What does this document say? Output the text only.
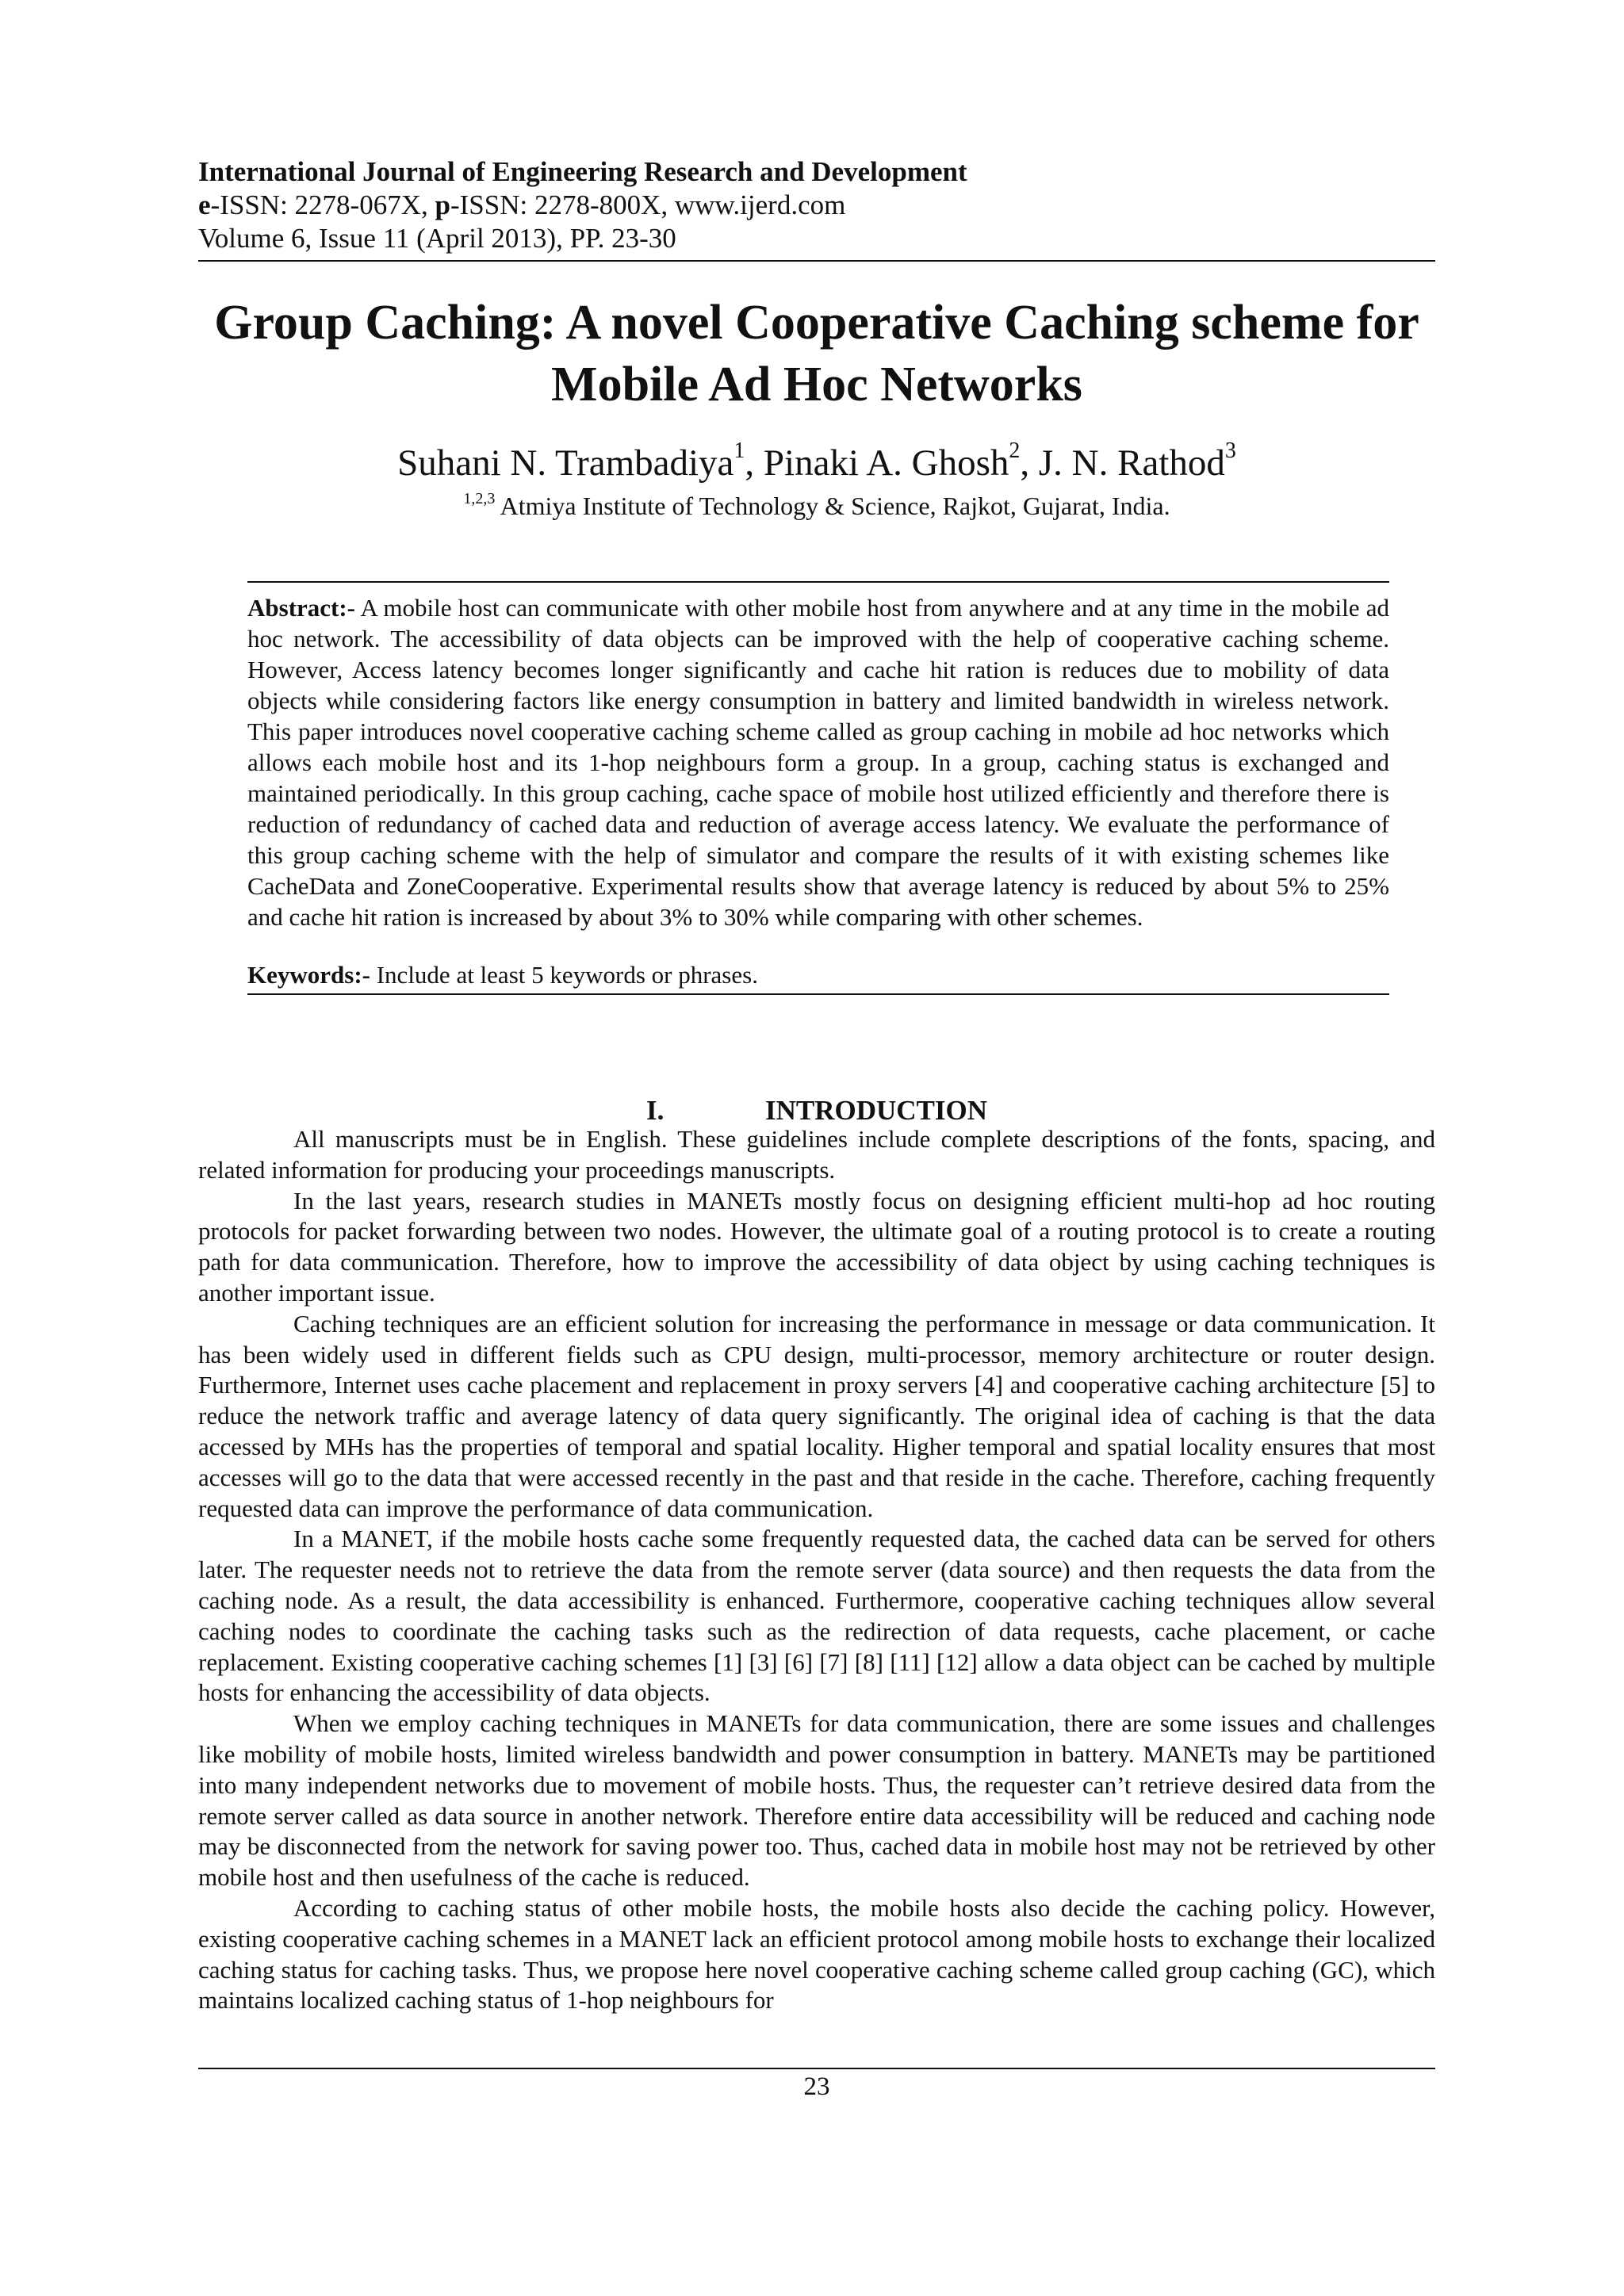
International Journal of Engineering Research and Development
e-ISSN: 2278-067X, p-ISSN: 2278-800X, www.ijerd.com
Volume 6, Issue 11 (April 2013), PP. 23-30
Group Caching: A novel Cooperative Caching scheme for
Mobile Ad Hoc Networks
Suhani N. Trambadiya$^1$, Pinaki A. Ghosh$^2$, J. N. Rathod$^3$
$^{1,2,3}$ Atmiya Institute of Technology & Science, Rajkot, Gujarat, India.
Abstract:- A mobile host can communicate with other mobile host from anywhere and at any time in the mobile ad hoc network. The accessibility of data objects can be improved with the help of cooperative caching scheme. However, Access latency becomes longer significantly and cache hit ration is reduces due to mobility of data objects while considering factors like energy consumption in battery and limited bandwidth in wireless network. This paper introduces novel cooperative caching scheme called as group caching in mobile ad hoc networks which allows each mobile host and its 1-hop neighbours form a group. In a group, caching status is exchanged and maintained periodically. In this group caching, cache space of mobile host utilized efficiently and therefore there is reduction of redundancy of cached data and reduction of average access latency. We evaluate the performance of this group caching scheme with the help of simulator and compare the results of it with existing schemes like CacheData and ZoneCooperative. Experimental results show that average latency is reduced by about 5% to 25% and cache hit ration is increased by about 3% to 30% while comparing with other schemes.
Keywords:- Include at least 5 keywords or phrases.
I.	INTRODUCTION

All manuscripts must be in English. These guidelines include complete descriptions of the fonts, spacing, and related information for producing your proceedings manuscripts.

In the last years, research studies in MANETs mostly focus on designing efficient multi-hop ad hoc routing protocols for packet forwarding between two nodes. However, the ultimate goal of a routing protocol is to create a routing path for data communication. Therefore, how to improve the accessibility of data object by using caching techniques is another important issue.

Caching techniques are an efficient solution for increasing the performance in message or data communication. It has been widely used in different fields such as CPU design, multi-processor, memory architecture or router design. Furthermore, Internet uses cache placement and replacement in proxy servers [4] and cooperative caching architecture [5] to reduce the network traffic and average latency of data query significantly. The original idea of caching is that the data accessed by MHs has the properties of temporal and spatial locality. Higher temporal and spatial locality ensures that most accesses will go to the data that were accessed recently in the past and that reside in the cache. Therefore, caching frequently requested data can improve the performance of data communication.

In a MANET, if the mobile hosts cache some frequently requested data, the cached data can be served for others later. The requester needs not to retrieve the data from the remote server (data source) and then requests the data from the caching node. As a result, the data accessibility is enhanced. Furthermore, cooperative caching techniques allow several caching nodes to coordinate the caching tasks such as the redirection of data requests, cache placement, or cache replacement. Existing cooperative caching schemes [1] [3] [6] [7] [8] [11] [12] allow a data object can be cached by multiple hosts for enhancing the accessibility of data objects.

When we employ caching techniques in MANETs for data communication, there are some issues and challenges like mobility of mobile hosts, limited wireless bandwidth and power consumption in battery. MANETs may be partitioned into many independent networks due to movement of mobile hosts. Thus, the requester can’t retrieve desired data from the remote server called as data source in another network. Therefore entire data accessibility will be reduced and caching node may be disconnected from the network for saving power too. Thus, cached data in mobile host may not be retrieved by other mobile host and then usefulness of the cache is reduced.

According to caching status of other mobile hosts, the mobile hosts also decide the caching policy. However, existing cooperative caching schemes in a MANET lack an efficient protocol among mobile hosts to exchange their localized caching status for caching tasks. Thus, we propose here novel cooperative caching scheme called group caching (GC), which maintains localized caching status of 1-hop neighbours for

23
